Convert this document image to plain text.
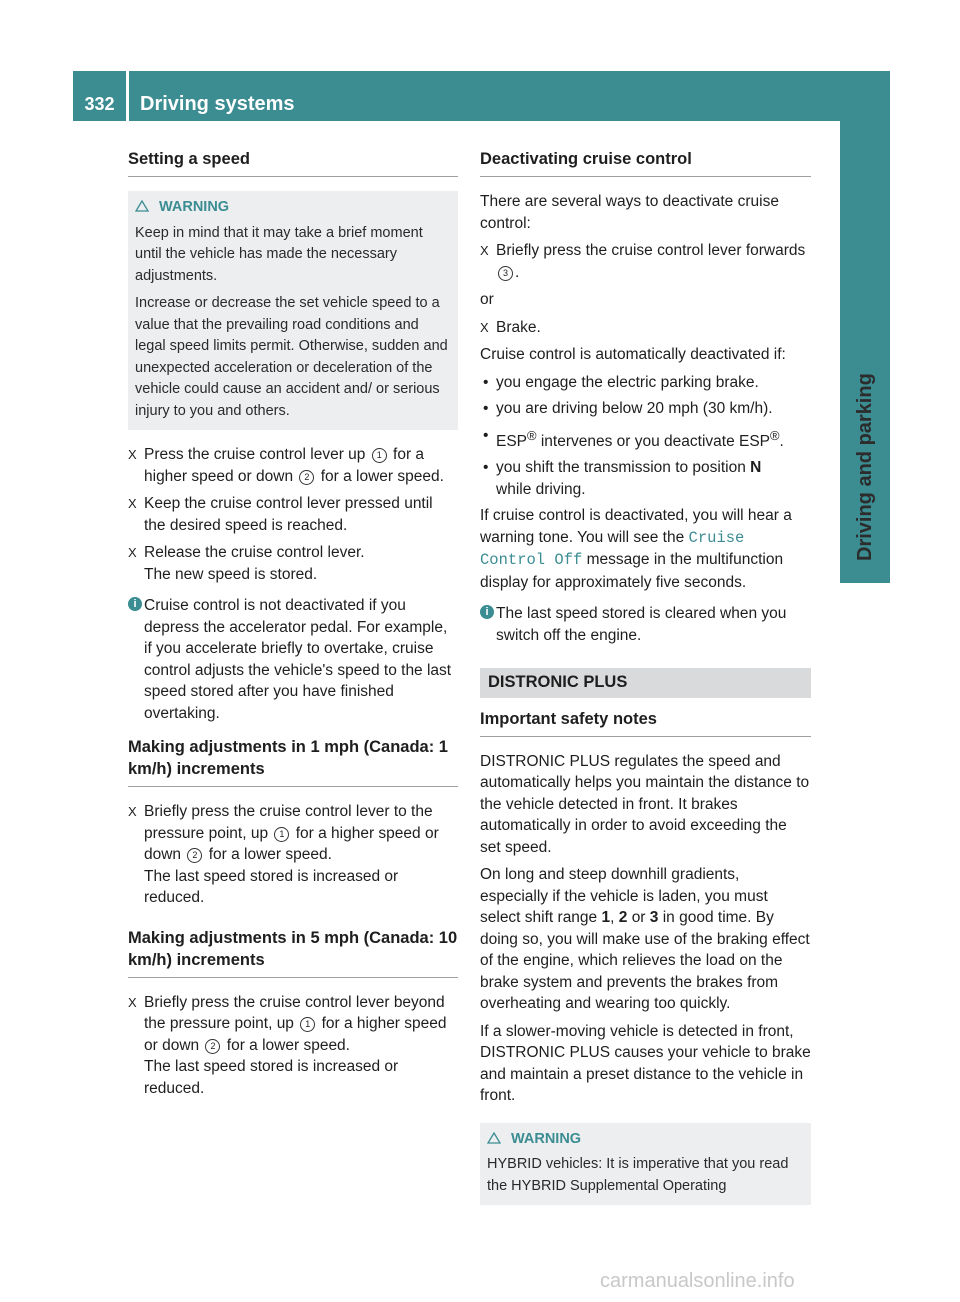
332	Driving systems
Driving and parking
Setting a speed
WARNING

Keep in mind that it may take a brief moment until the vehicle has made the necessary adjustments.

Increase or decrease the set vehicle speed to a value that the prevailing road conditions and legal speed limits permit. Otherwise, sudden and unexpected acceleration or deceleration of the vehicle could cause an accident and/ or serious injury to you and others.

X Press the cruise control lever up 1 for a higher speed or down 2 for a lower speed.
X Keep the cruise control lever pressed until the desired speed is reached.
X Release the cruise control lever.
The new speed is stored.
i Cruise control is not deactivated if you depress the accelerator pedal. For example, if you accelerate briefly to overtake, cruise control adjusts the vehicle's speed to the last speed stored after you have finished overtaking.
Making adjustments in 1 mph (Canada: 1 km/h) increments
X Briefly press the cruise control lever to the pressure point, up 1 for a higher speed or down 2 for a lower speed.
The last speed stored is increased or reduced.
Making adjustments in 5 mph (Canada: 10 km/h) increments
X Briefly press the cruise control lever beyond the pressure point, up 1 for a higher speed or down 2 for a lower speed.
The last speed stored is increased or reduced.
Deactivating cruise control

There are several ways to deactivate cruise control:

X Briefly press the cruise control lever forwards 3 .

or

X Brake.

Cruise control is automatically deactivated if:

• you engage the electric parking brake.
• you are driving below 20 mph (30 km/h).
• ESP® intervenes or you deactivate ESP®.
• you shift the transmission to position N
while driving.

If cruise control is deactivated, you will hear a warning tone. You will see the Cruise Control Off message in the multifunction display for approximately five seconds.

i The last speed stored is cleared when you switch off the engine.
DISTRONIC PLUS
Important safety notes

DISTRONIC PLUS regulates the speed and automatically helps you maintain the distance to the vehicle detected in front. It brakes automatically in order to avoid exceeding the set speed.

On long and steep downhill gradients, especially if the vehicle is laden, you must select shift range 1, 2 or 3 in good time. By doing so, you will make use of the braking effect of the engine, which relieves the load on the brake system and prevents the brakes from overheating and wearing too quickly.

If a slower-moving vehicle is detected in front, DISTRONIC PLUS causes your vehicle to brake and maintain a preset distance to the vehicle in front.

WARNING

HYBRID vehicles: It is imperative that you read the HYBRID Supplemental Operating

carmanualsonline.info
